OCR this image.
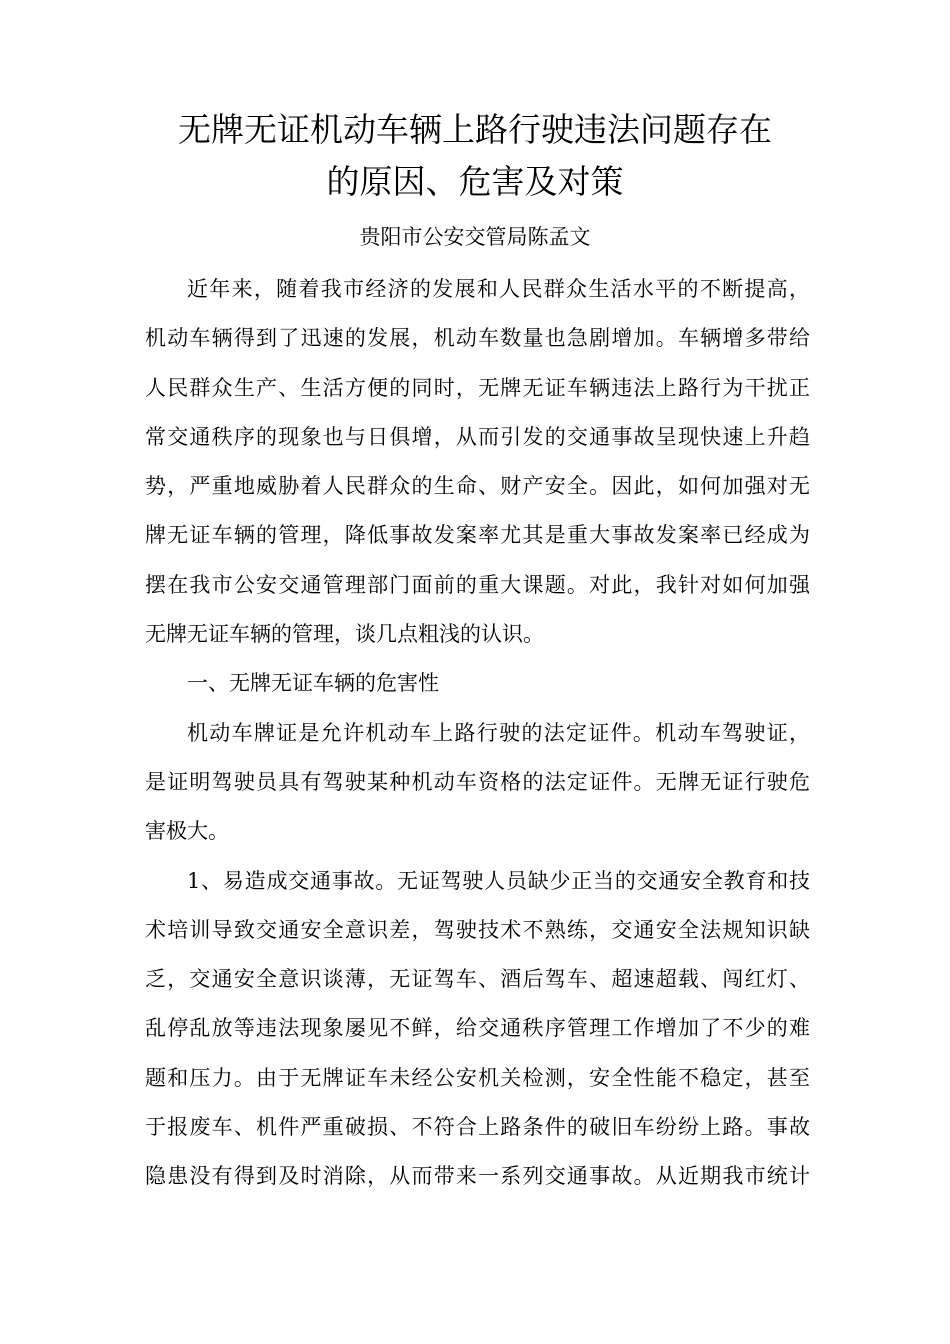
无牌无证机动车辆上路行驶违法问题存在
的原因、危害及对策

贵阳市公安交管局陈孟文

近年来，随着我市经济的发展和人民群众生活水平的不断提高，
机动车辆得到了迅速的发展，机动车数量也急剧增加。车辆增多带给
人民群众生产、生活方便的同时，无牌无证车辆违法上路行为干扰正
常交通秩序的现象也与日俱增，从而引发的交通事故呈现快速上升趋
势，严重地威胁着人民群众的生命、财产安全。因此，如何加强对无
牌无证车辆的管理，降低事故发案率尤其是重大事故发案率已经成为
摆在我市公安交通管理部门面前的重大课题。对此，我针对如何加强
无牌无证车辆的管理，谈几点粗浅的认识。

一、无牌无证车辆的危害性

机动车牌证是允许机动车上路行驶的法定证件。机动车驾驶证，
是证明驾驶员具有驾驶某种机动车资格的法定证件。无牌无证行驶危
害极大。

1、易造成交通事故。无证驾驶人员缺少正当的交通安全教育和技
术培训导致交通安全意识差，驾驶技术不熟练，交通安全法规知识缺
乏，交通安全意识谈薄，无证驾车、酒后驾车、超速超载、闯红灯、
乱停乱放等违法现象屡见不鲜，给交通秩序管理工作增加了不少的难
题和压力。由于无牌证车未经公安机关检测，安全性能不稳定，甚至
于报废车、机件严重破损、不符合上路条件的破旧车纷纷上路。事故
隐患没有得到及时消除，从而带来一系列交通事故。从近期我市统计
